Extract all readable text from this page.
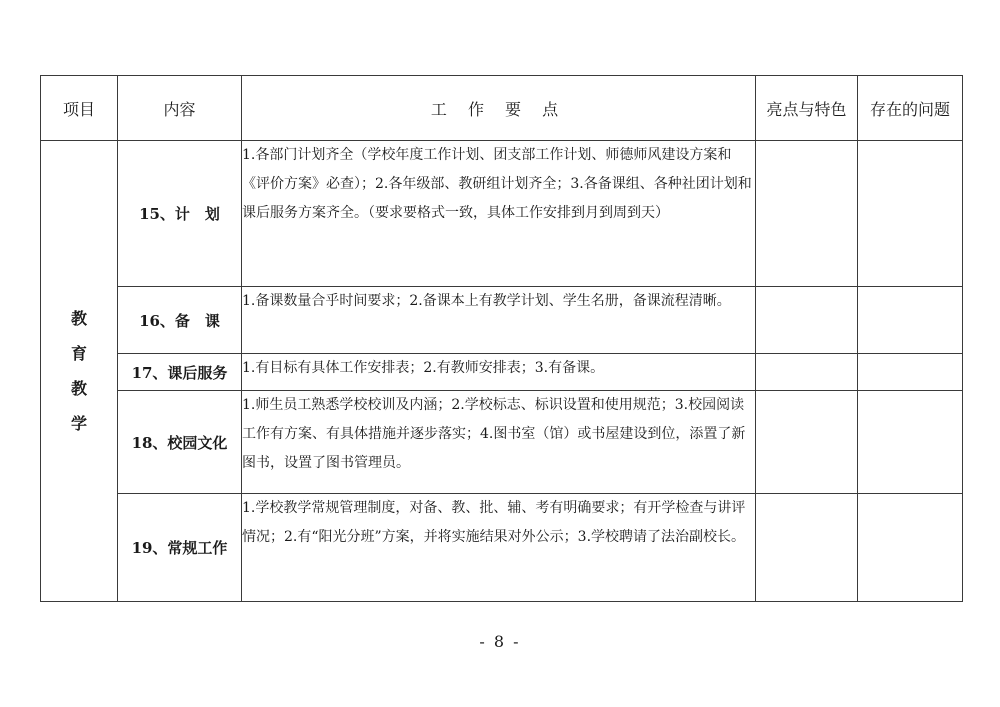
项目	内容	工 作 要 点	亮点与特色	存在的问题
教育教学	15、计　划	1.各部门计划齐全（学校年度工作计划、团支部工作计划、师德师风建设方案和《评价方案》必查）；2.各年级部、教研组计划齐全；3.各备课组、各种社团计划和课后服务方案齐全。（要求要格式一致，具体工作安排到月到周到天）		
	16、备　课	1.备课数量合乎时间要求；2.备课本上有教学计划、学生名册，备课流程清晰。		
	17、课后服务	1.有目标有具体工作安排表；2.有教师安排表；3.有备课。		
	18、校园文化	1.师生员工熟悉学校校训及内涵；2.学校标志、标识设置和使用规范；3.校园阅读工作有方案、有具体措施并逐步落实；4.图书室（馆）或书屋建设到位，添置了新图书，设置了图书管理员。		
	19、常规工作	1.学校教学常规管理制度，对备、教、批、辅、考有明确要求；有开学检查与讲评情况；2.有“阳光分班”方案，并将实施结果对外公示；3.学校聘请了法治副校长。		
- 8 -
